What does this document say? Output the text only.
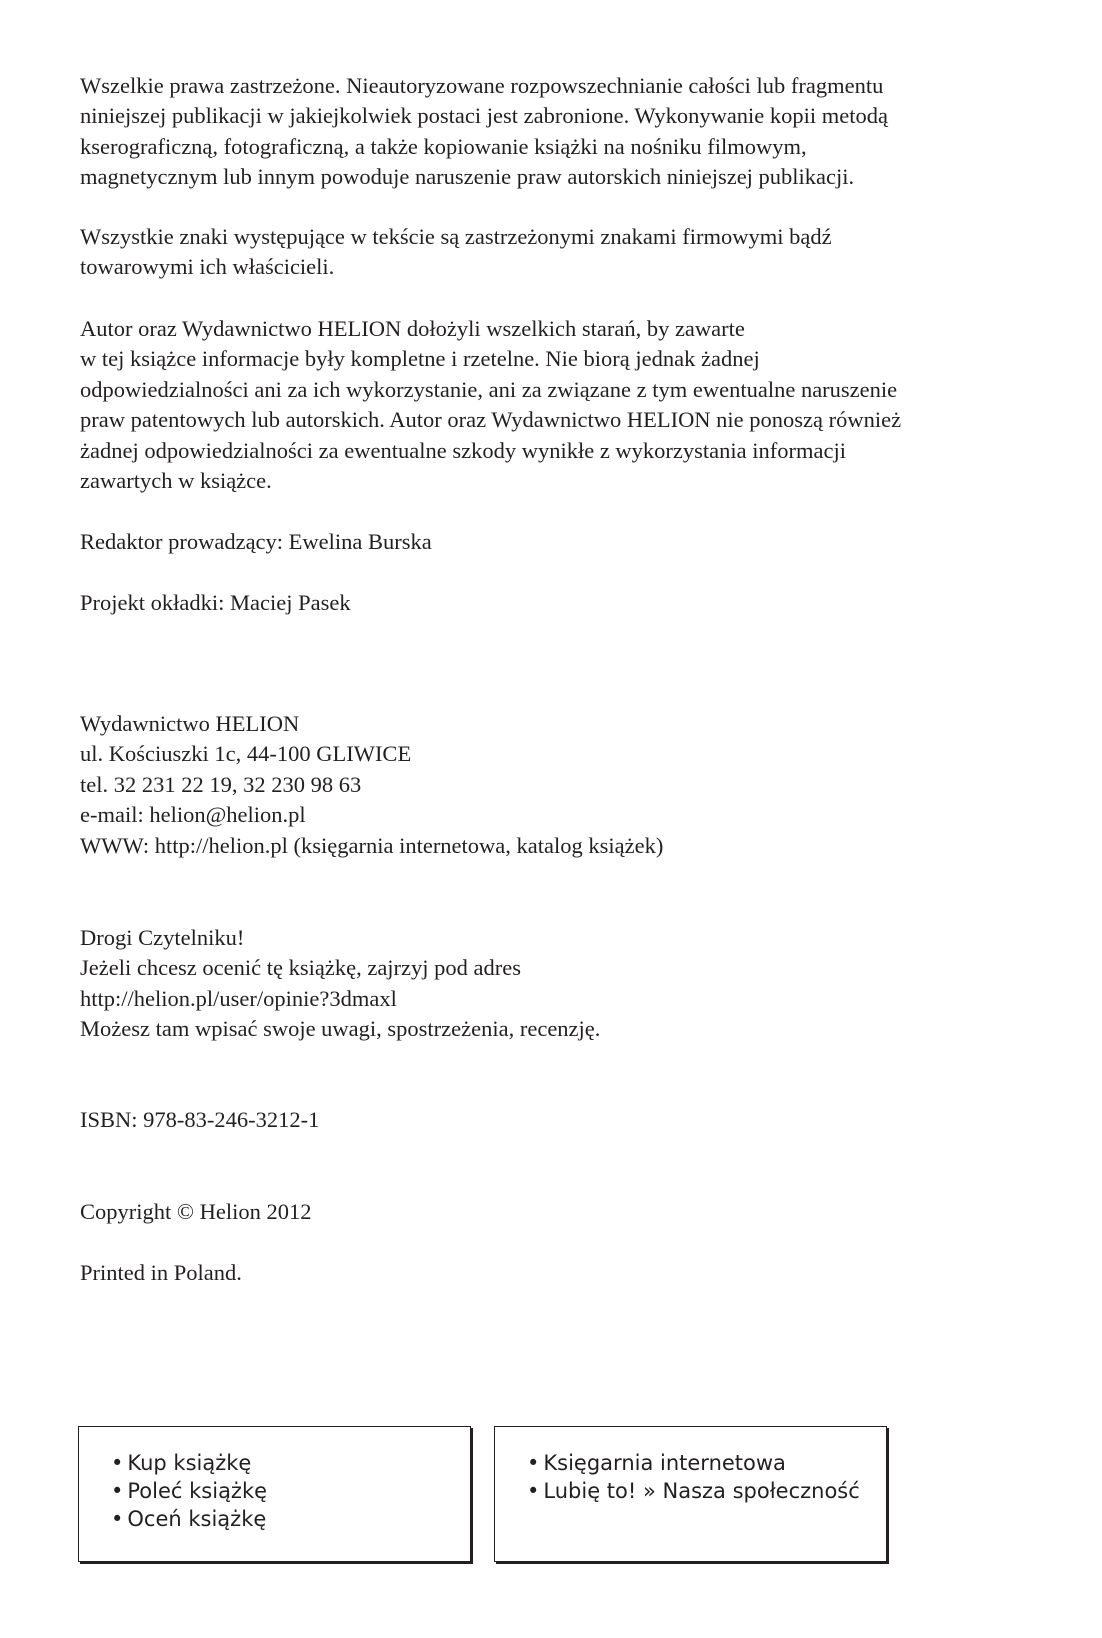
Wszelkie prawa zastrzeżone. Nieautoryzowane rozpowszechnianie całości lub fragmentu

niniejszej publikacji w jakiejkolwiek postaci jest zabronione. Wykonywanie kopii metodą

kserograficzną, fotograficzną, a także kopiowanie książki na nośniku filmowym,

magnetycznym lub innym powoduje naruszenie praw autorskich niniejszej publikacji.

Wszystkie znaki występujące w tekście są zastrzeżonymi znakami firmowymi bądź

towarowymi ich właścicieli.

Autor oraz Wydawnictwo HELION dołożyli wszelkich starań, by zawarte

w tej książce informacje były kompletne i rzetelne. Nie biorą jednak żadnej

odpowiedzialności ani za ich wykorzystanie, ani za związane z tym ewentualne naruszenie

praw patentowych lub autorskich. Autor oraz Wydawnictwo HELION nie ponoszą również

żadnej odpowiedzialności za ewentualne szkody wynikłe z wykorzystania informacji

zawartych w książce.

Redaktor prowadzący: Ewelina Burska

Projekt okładki: Maciej Pasek

Wydawnictwo HELION

ul. Kościuszki 1c, 44-100 GLIWICE

tel. 32 231 22 19, 32 230 98 63

e-mail: helion@helion.pl

WWW: http://helion.pl (księgarnia internetowa, katalog książek)

Drogi Czytelniku!

Jeżeli chcesz ocenić tę książkę, zajrzyj pod adres

http://helion.pl/user/opinie?3dmaxl

Możesz tam wpisać swoje uwagi, spostrzeżenia, recenzję.

ISBN: 978-83-246-3212-1

Copyright © Helion 2012

Printed in Poland.

• Kup książkę
• Poleć książkę
• Oceń książkę
• Księgarnia internetowa
• Lubię to! » Nasza społeczność
